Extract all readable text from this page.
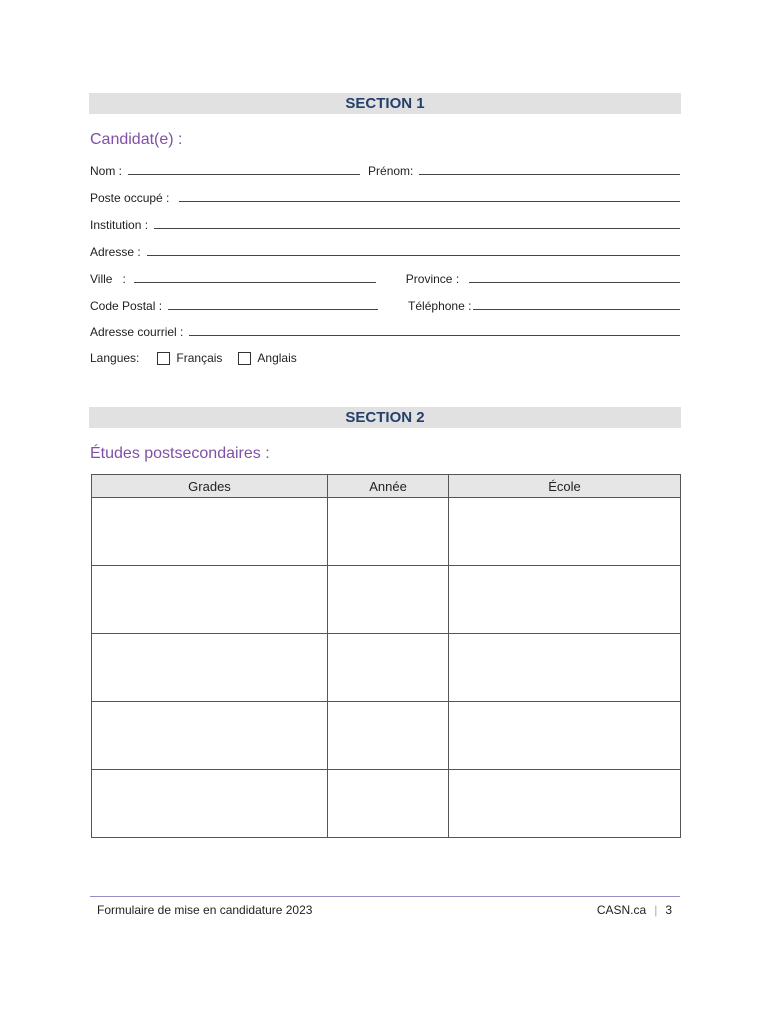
SECTION 1
Candidat(e) :
Nom :	Prénom:
Poste occupé :
Institution :
Adresse :
Ville   :	Province :
Code Postal :	Téléphone :
Adresse courriel :
Langues:	Français	Anglais
SECTION 2
Études postsecondaires :
Grades	Année	École

Formulaire de mise en candidature 2023	CASN.ca | 3
